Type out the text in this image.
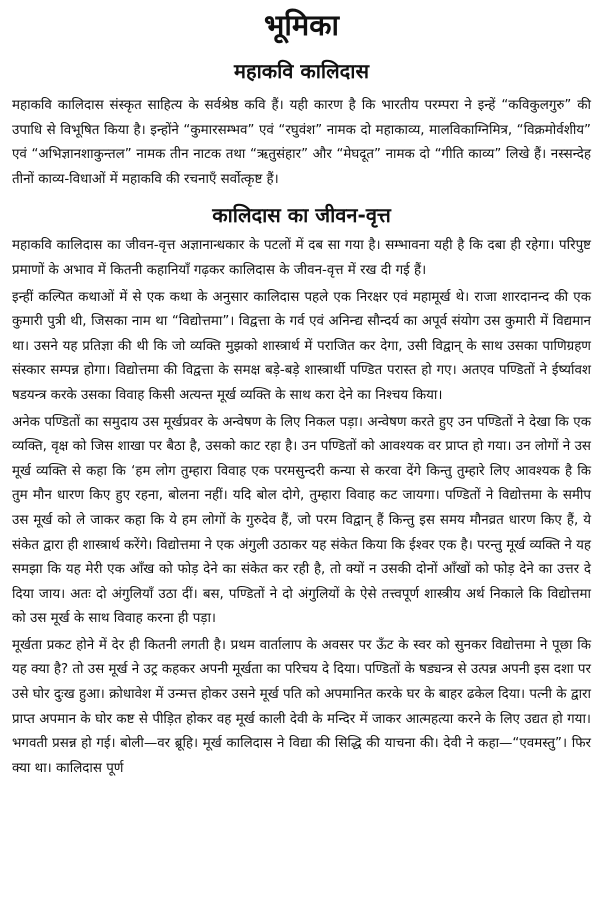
भूमिका
महाकवि कालिदास

महाकवि कालिदास संस्कृत साहित्य के सर्वश्रेष्ठ कवि हैं। यही कारण है कि भारतीय परम्परा ने इन्हें “कविकुलगुरु” की उपाधि से विभूषित किया है। इन्होंने “कुमारसम्भव” एवं “रघुवंश” नामक दो महाकाव्य, मालविकाग्निमित्र, “विक्रमोर्वशीय” एवं “अभिज्ञानशाकुन्तल” नामक तीन नाटक तथा “ऋतुसंहार” और “मेघदूत” नामक दो “गीति काव्य” लिखे हैं। नस्सन्देह तीनों काव्य-विधाओं में महाकवि की रचनाएँ सर्वोत्कृष्ट हैं।

कालिदास का जीवन-वृत्त

महाकवि कालिदास का जीवन-वृत्त अज्ञानान्धकार के पटलों में दब सा गया है। सम्भावना यही है कि दबा ही रहेगा। परिपुष्ट प्रमाणों के अभाव में कितनी कहानियाँ गढ़कर कालिदास के जीवन-वृत्त में रख दी गई हैं।

इन्हीं कल्पित कथाओं में से एक कथा के अनुसार कालिदास पहले एक निरक्षर एवं महामूर्ख थे। राजा शारदानन्द की एक कुमारी पुत्री थी, जिसका नाम था “विद्योत्तमा”। विद्वत्ता के गर्व एवं अनिन्द्य सौन्दर्य का अपूर्व संयोग उस कुमारी में विद्यमान था। उसने यह प्रतिज्ञा की थी कि जो व्यक्ति मुझको शास्त्रार्थ में पराजित कर देगा, उसी विद्वान् के साथ उसका पाणिग्रहण संस्कार सम्पन्न होगा। विद्योत्तमा की विद्वत्ता के समक्ष बड़े-बड़े शास्त्रार्थी पण्डित परास्त हो गए। अतएव पण्डितों ने ईर्ष्यावश षडयन्त्र करके उसका विवाह किसी अत्यन्त मूर्ख व्यक्ति के साथ करा देने का निश्चय किया।

अनेक पण्डितों का समुदाय उस मूर्खप्रवर के अन्वेषण के लिए निकल पड़ा। अन्वेषण करते हुए उन पण्डितों ने देखा कि एक व्यक्ति, वृक्ष को जिस शाखा पर बैठा है, उसको काट रहा है। उन पण्डितों को आवश्यक वर प्राप्त हो गया। उन लोगों ने उस मूर्ख व्यक्ति से कहा कि ‘हम लोग तुम्हारा विवाह एक परमसुन्दरी कन्या से करवा देंगे किन्तु तुम्हारे लिए आवश्यक है कि तुम मौन धारण किए हुए रहना, बोलना नहीं। यदि बोल दोगे, तुम्हारा विवाह कट जायगा। पण्डितों ने विद्योत्तमा के समीप उस मूर्ख को ले जाकर कहा कि ये हम लोगों के गुरुदेव हैं, जो परम विद्वान् हैं किन्तु इस समय मौनव्रत धारण किए हैं, ये संकेत द्वारा ही शास्त्रार्थ करेंगे। विद्योत्तमा ने एक अंगुली उठाकर यह संकेत किया कि ईश्वर एक है। परन्तु मूर्ख व्यक्ति ने यह समझा कि यह मेरी एक आँख को फोड़ देने का संकेत कर रही है, तो क्यों न उसकी दोनों आँखों को फोड़ देने का उत्तर दे दिया जाय। अतः दो अंगुलियाँ उठा दीं। बस, पण्डितों ने दो अंगुलियों के ऐसे तत्त्वपूर्ण शास्त्रीय अर्थ निकाले कि विद्योत्तमा को उस मूर्ख के साथ विवाह करना ही पड़ा।

मूर्खता प्रकट होने में देर ही कितनी लगती है। प्रथम वार्तालाप के अवसर पर ऊँट के स्वर को सुनकर विद्योत्तमा ने पूछा कि यह क्या है? तो उस मूर्ख ने उट्र कहकर अपनी मूर्खता का परिचय दे दिया। पण्डितों के षड्यन्त्र से उत्पन्न अपनी इस दशा पर उसे घोर दुःख हुआ। क्रोधावेश में उन्मत्त होकर उसने मूर्ख पति को अपमानित करके घर के बाहर ढकेल दिया। पत्नी के द्वारा प्राप्त अपमान के घोर कष्ट से पीड़ित होकर वह मूर्ख काली देवी के मन्दिर में जाकर आत्महत्या करने के लिए उद्यत हो गया। भगवती प्रसन्न हो गई। बोली—वर ब्रूहि। मूर्ख कालिदास ने विद्या की सिद्धि की याचना की। देवी ने कहा—“एवमस्तु”। फिर क्या था। कालिदास पूर्ण
